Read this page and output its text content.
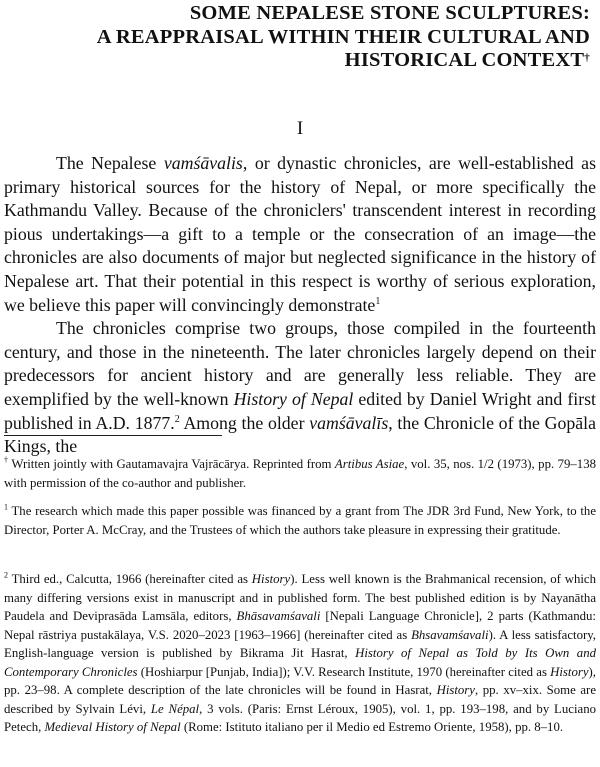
SOME NEPALESE STONE SCULPTURES:
A REAPPRAISAL WITHIN THEIR CULTURAL AND
HISTORICAL CONTEXT†
I

The Nepalese vamśāvalis, or dynastic chronicles, are well-established as primary historical sources for the history of Nepal, or more specifically the Kathmandu Valley. Because of the chroniclers' transcendent interest in recording pious undertakings—a gift to a temple or the consecration of an image—the chronicles are also documents of major but neglected significance in the history of Nepalese art. That their potential in this respect is worthy of serious exploration, we believe this paper will convincingly demonstrate$^1$

The chronicles comprise two groups, those compiled in the fourteenth century, and those in the nineteenth. The later chronicles largely depend on their predecessors for ancient history and are generally less reliable. They are exemplified by the well-known History of Nepal edited by Daniel Wright and first published in A.D. 1877.$^2$ Among the older vamśāvalīs, the Chronicle of the Gopāla Kings, the

† Written jointly with Gautamavajra Vajrācārya. Reprinted from Artibus Asiae, vol. 35, nos. 1/2 (1973), pp. 79–138 with permission of the co-author and publisher.

$^1$ The research which made this paper possible was financed by a grant from The JDR 3rd Fund, New York, to the Director, Porter A. McCray, and the Trustees of which the authors take pleasure in expressing their gratitude.

$^2$ Third ed., Calcutta, 1966 (hereinafter cited as History). Less well known is the Brahmanical recension, of which many differing versions exist in manuscript and in published form. The best published edition is by Nayanātha Paudela and Deviprasāda Lamsāla, editors, Bhāsavamśavali [Nepali Language Chronicle], 2 parts (Kathmandu: Nepal rāstriya pustakālaya, V.S. 2020–2023 [1963–1966] (hereinafter cited as Bhsavamśavali). A less satisfactory, English-language version is published by Bikrama Jit Hasrat, History of Nepal as Told by Its Own and Contemporary Chronicles (Hoshiarpur [Punjab, India]); V.V. Research Institute, 1970 (hereinafter cited as History), pp. 23–98. A complete description of the late chronicles will be found in Hasrat, History, pp. xv–xix. Some are described by Sylvain Lévi, Le Népal, 3 vols. (Paris: Ernst Léroux, 1905), vol. 1, pp. 193–198, and by Luciano Petech, Medieval History of Nepal (Rome: Istituto italiano per il Medio ed Estremo Oriente, 1958), pp. 8–10.
